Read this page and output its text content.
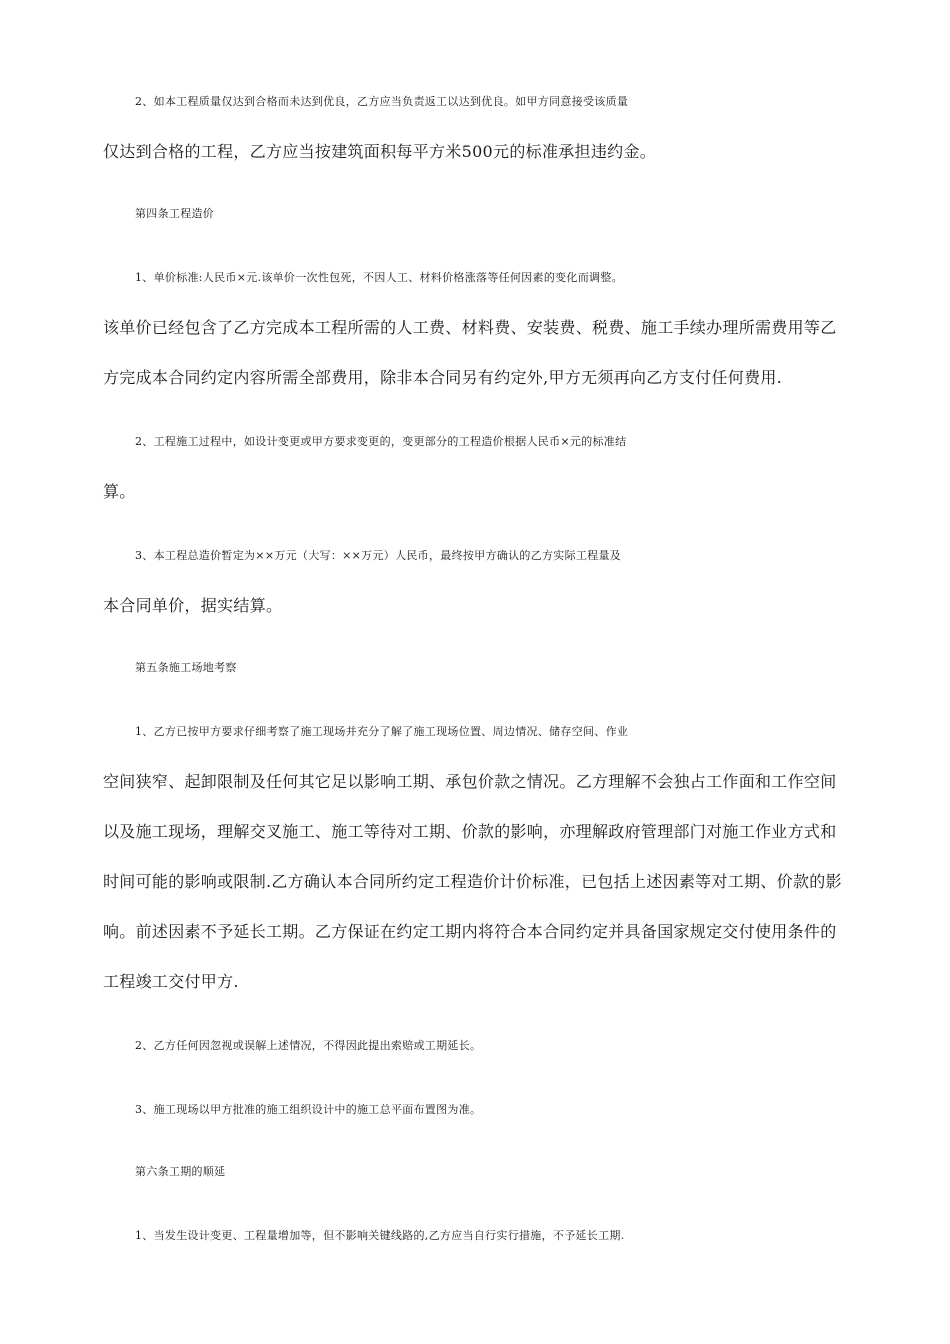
2、如本工程质量仅达到合格而未达到优良，乙方应当负责返工以达到优良。如甲方同意接受该质量
仅达到合格的工程，乙方应当按建筑面积每平方米500元的标准承担违约金。
第四条工程造价
1、单价标准:人民币×元.该单价一次性包死，不因人工、材料价格涨落等任何因素的变化而调整。
该单价已经包含了乙方完成本工程所需的人工费、材料费、安装费、税费、施工手续办理所需费用等乙
方完成本合同约定内容所需全部费用，除非本合同另有约定外,甲方无须再向乙方支付任何费用.
2、工程施工过程中，如设计变更或甲方要求变更的，变更部分的工程造价根据人民币×元的标准结
算。
3、本工程总造价暂定为××万元（大写：××万元）人民币，最终按甲方确认的乙方实际工程量及
本合同单价，据实结算。
第五条施工场地考察
1、乙方已按甲方要求仔细考察了施工现场并充分了解了施工现场位置、周边情况、储存空间、作业
空间狭窄、起卸限制及任何其它足以影响工期、承包价款之情况。乙方理解不会独占工作面和工作空间
以及施工现场，理解交叉施工、施工等待对工期、价款的影响，亦理解政府管理部门对施工作业方式和
时间可能的影响或限制.乙方确认本合同所约定工程造价计价标准，已包括上述因素等对工期、价款的影
响。前述因素不予延长工期。乙方保证在约定工期内将符合本合同约定并具备国家规定交付使用条件的
工程竣工交付甲方.
2、乙方任何因忽视或误解上述情况，不得因此提出索赔或工期延长。
3、施工现场以甲方批准的施工组织设计中的施工总平面布置图为准。
第六条工期的顺延
1、当发生设计变更、工程量增加等，但不影响关键线路的,乙方应当自行实行措施，不予延长工期.
